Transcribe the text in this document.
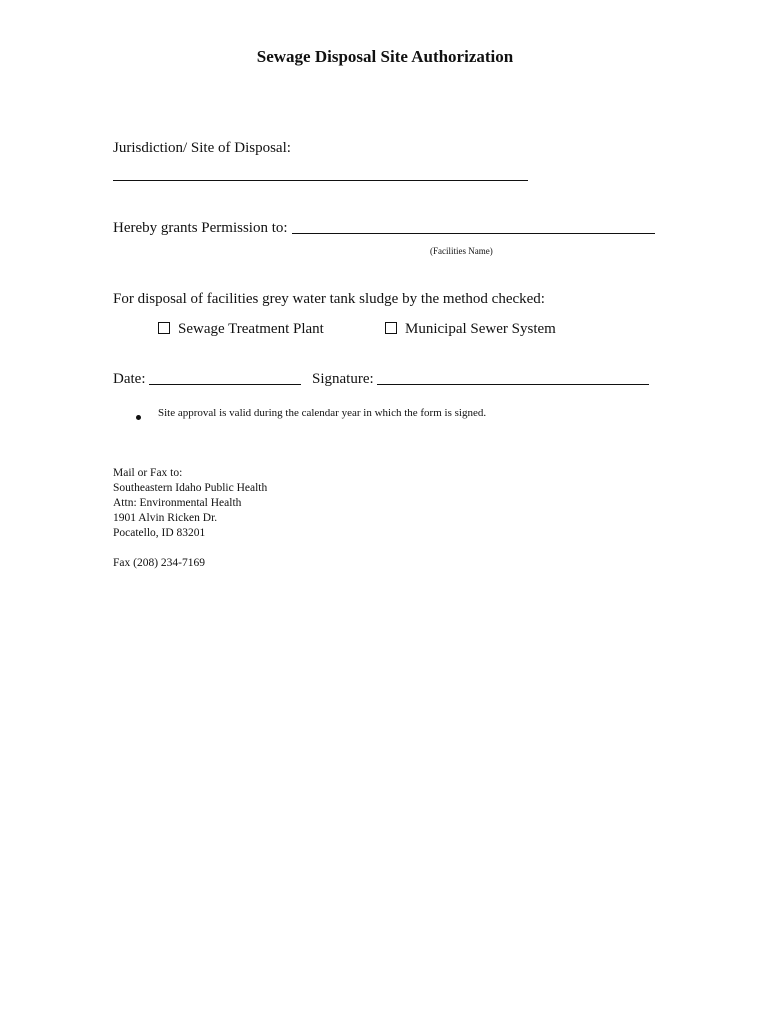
Sewage Disposal Site Authorization
Jurisdiction/ Site of Disposal:
Hereby grants Permission to:
(Facilities Name)
For disposal of facilities grey water tank sludge by the method checked:
Sewage Treatment Plant	Municipal Sewer System
Date:	Signature:
Site approval is valid during the calendar year in which the form is signed.
Mail or Fax to:
Southeastern Idaho Public Health
Attn: Environmental Health
1901 Alvin Ricken Dr.
Pocatello, ID 83201
Fax (208) 234-7169
